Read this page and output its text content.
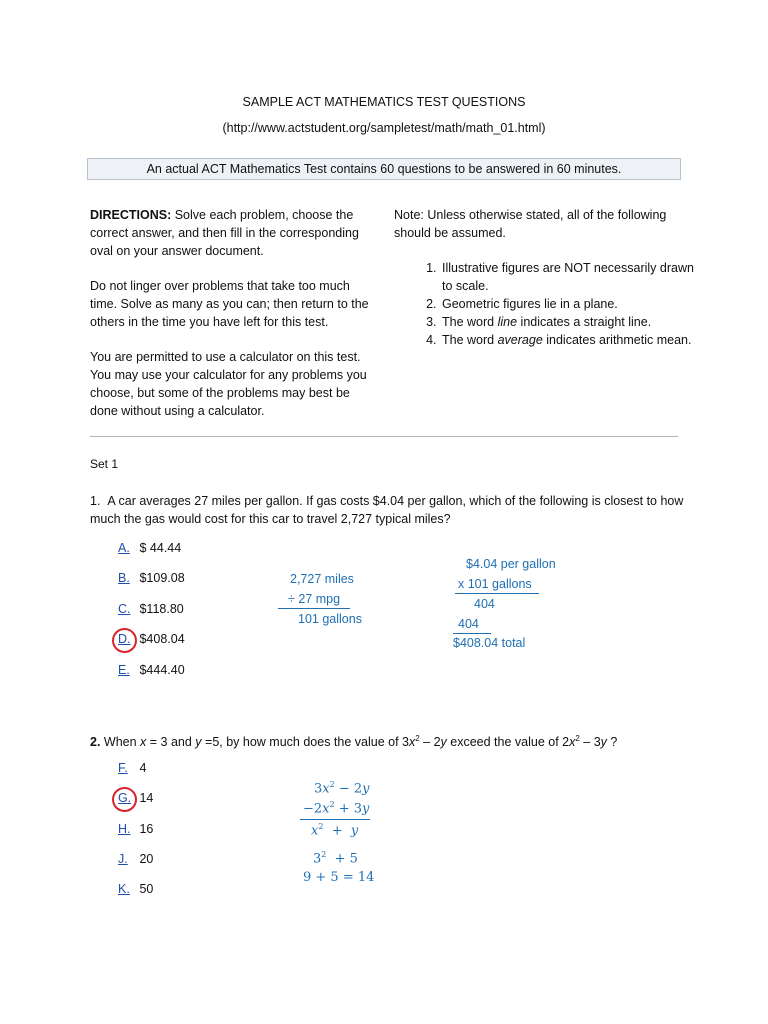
SAMPLE ACT MATHEMATICS TEST QUESTIONS
(http://www.actstudent.org/sampletest/math/math_01.html)
An actual ACT Mathematics Test contains 60 questions to be answered in 60 minutes.

DIRECTIONS: Solve each problem, choose the correct answer, and then fill in the corresponding oval on your answer document.

Do not linger over problems that take too much time. Solve as many as you can; then return to the others in the time you have left for this test.

You are permitted to use a calculator on this test. You may use your calculator for any problems you choose, but some of the problems may best be done without using a calculator.

Note: Unless otherwise stated, all of the following should be assumed.

1. Illustrative figures are NOT necessarily drawn to scale.
2. Geometric figures lie in a plane.
3. The word line indicates a straight line.
4. The word average indicates arithmetic mean.
Set 1
1. A car averages 27 miles per gallon. If gas costs $4.04 per gallon, which of the following is closest to how much the gas would cost for this car to travel 2,727 typical miles?
A. $ 44.44
B. $109.08
C. $118.80
D. $408.04
E. $444.40
2,727 miles
÷ 27 mpg
101 gallons
$4.04 per gallon
x 101 gallons
404
404
$408.04 total
2. When x = 3 and y =5, by how much does the value of $3x^2 - 2y$ exceed the value of $2x^2 - 3y$ ?
F. 4
G. 14
H. 16
J. 20
K. 50
$3x^2 - 2y$
$-2x^2 + 3y$
$x^2 + y$
$3^2 + 5$
9 + 5 = 14
